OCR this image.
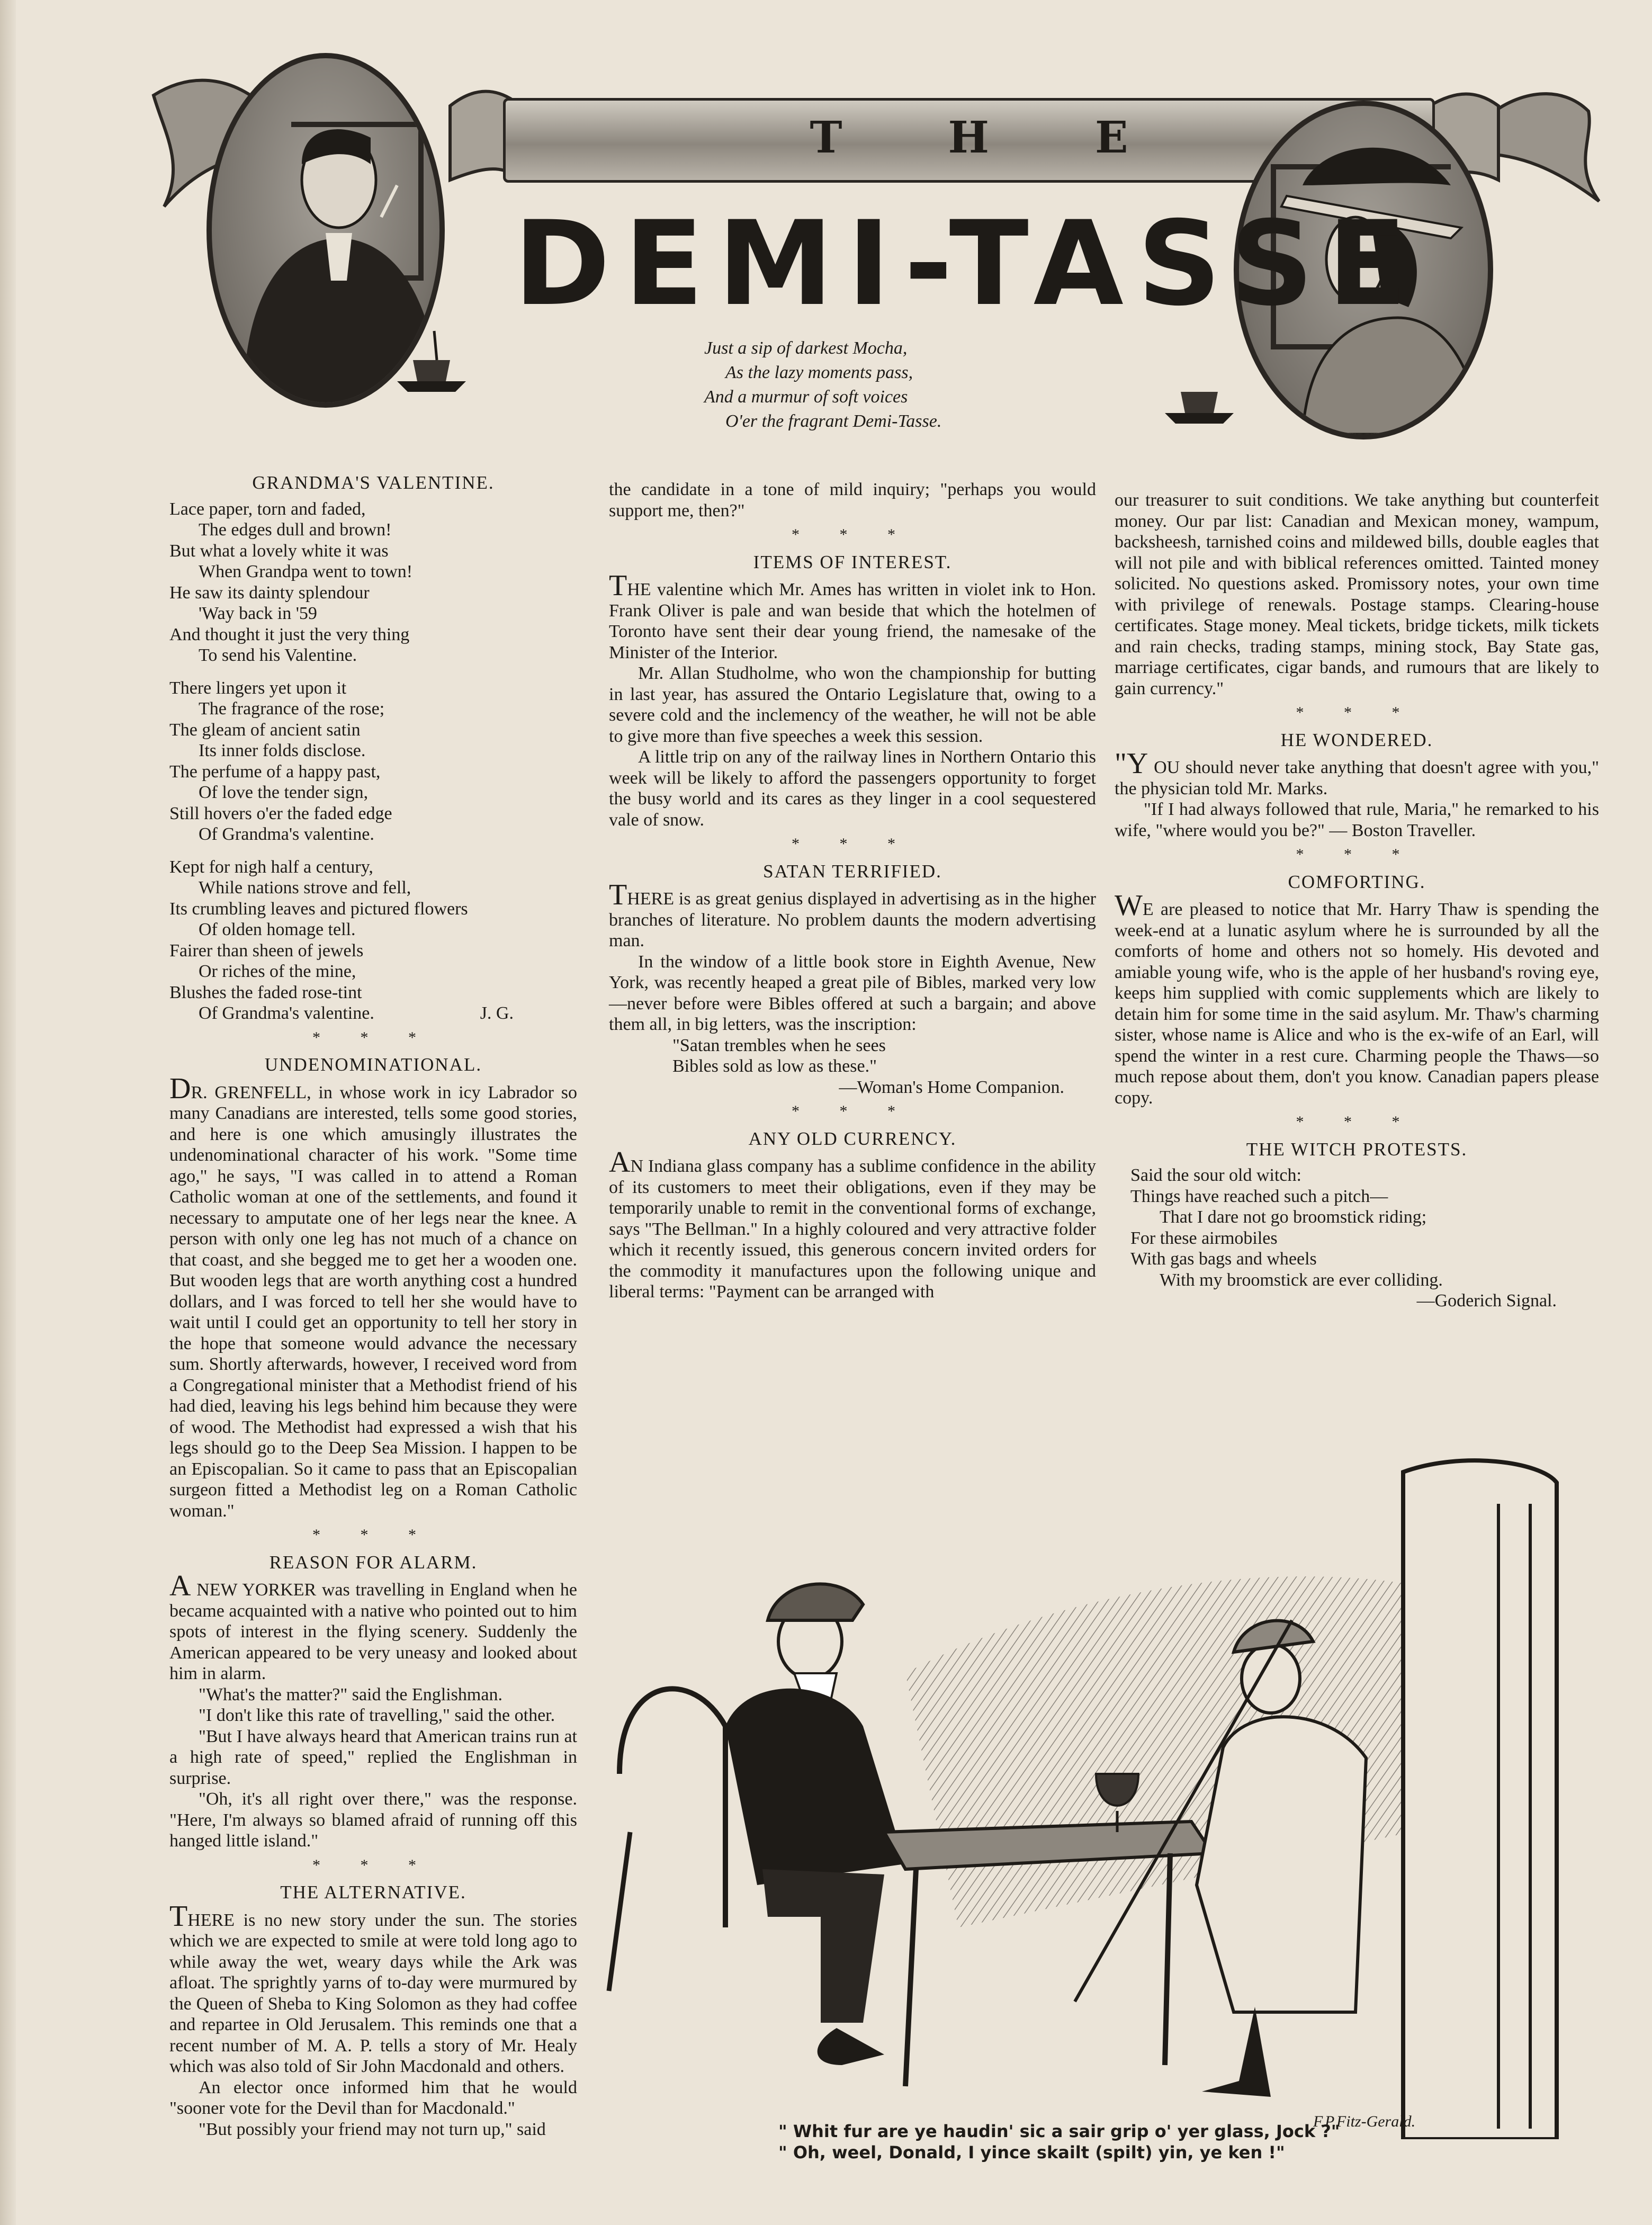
THE
DEMI-TASSE
Just a sip of darkest Mocha,
As the lazy moments pass,
And a murmur of soft voices
O'er the fragrant Demi-Tasse.
GRANDMA'S VALENTINE.
Lace paper, torn and faded,
The edges dull and brown!
But what a lovely white it was
When Grandpa went to town!
He saw its dainty splendour
'Way back in '59
And thought it just the very thing
To send his Valentine.
There lingers yet upon it
The fragrance of the rose;
The gleam of ancient satin
Its inner folds disclose.
The perfume of a happy past,
Of love the tender sign,
Still hovers o'er the faded edge
Of Grandma's valentine.
Kept for nigh half a century,
While nations strove and fell,
Its crumbling leaves and pictured flowers
Of olden homage tell.
Fairer than sheen of jewels
Or riches of the mine,
Blushes the faded rose-tint
Of Grandma's valentine.	J. G.
* * *
UNDENOMINATIONAL.

DR. GRENFELL, in whose work in icy Labrador so many Canadians are interested, tells some good stories, and here is one which amusingly illustrates the undenominational character of his work. "Some time ago," he says, "I was called in to attend a Roman Catholic woman at one of the settlements, and found it necessary to amputate one of her legs near the knee. A person with only one leg has not much of a chance on that coast, and she begged me to get her a wooden one. But wooden legs that are worth anything cost a hundred dollars, and I was forced to tell her she would have to wait until I could get an opportunity to tell her story in the hope that someone would advance the necessary sum. Shortly afterwards, however, I received word from a Congregational minister that a Methodist friend of his had died, leaving his legs behind him because they were of wood. The Methodist had expressed a wish that his legs should go to the Deep Sea Mission. I happen to be an Episcopalian. So it came to pass that an Episcopalian surgeon fitted a Methodist leg on a Roman Catholic woman."

* * *
REASON FOR ALARM.

A NEW YORKER was travelling in England when he became acquainted with a native who pointed out to him spots of interest in the flying scenery. Suddenly the American appeared to be very uneasy and looked about him in alarm.

"What's the matter?" said the Englishman.

"I don't like this rate of travelling," said the other.

"But I have always heard that American trains run at a high rate of speed," replied the Englishman in surprise.

"Oh, it's all right over there," was the response. "Here, I'm always so blamed afraid of running off this hanged little island."

* * *
THE ALTERNATIVE.

THERE is no new story under the sun. The stories which we are expected to smile at were told long ago to while away the wet, weary days while the Ark was afloat. The sprightly yarns of to-day were murmured by the Queen of Sheba to King Solomon as they had coffee and repartee in Old Jerusalem. This reminds one that a recent number of M. A. P. tells a story of Mr. Healy which was also told of Sir John Macdonald and others.

An elector once informed him that he would "sooner vote for the Devil than for Macdonald."

"But possibly your friend may not turn up," said

the candidate in a tone of mild inquiry; "perhaps you would support me, then?"

* * *
ITEMS OF INTEREST.

THE valentine which Mr. Ames has written in violet ink to Hon. Frank Oliver is pale and wan beside that which the hotelmen of Toronto have sent their dear young friend, the namesake of the Minister of the Interior.

Mr. Allan Studholme, who won the championship for butting in last year, has assured the Ontario Legislature that, owing to a severe cold and the inclemency of the weather, he will not be able to give more than five speeches a week this session.

A little trip on any of the railway lines in Northern Ontario this week will be likely to afford the passengers opportunity to forget the busy world and its cares as they linger in a cool sequestered vale of snow.

* * *
SATAN TERRIFIED.

THERE is as great genius displayed in advertising as in the higher branches of literature. No problem daunts the modern advertising man.

In the window of a little book store in Eighth Avenue, New York, was recently heaped a great pile of Bibles, marked very low—never before were Bibles offered at such a bargain; and above them all, in big letters, was the inscription:

"Satan trembles when he sees
Bibles sold as low as these."
—Woman's Home Companion.
* * *
ANY OLD CURRENCY.

AN Indiana glass company has a sublime confidence in the ability of its customers to meet their obligations, even if they may be temporarily unable to remit in the conventional forms of exchange, says "The Bellman." In a highly coloured and very attractive folder which it recently issued, this generous concern invited orders for the commodity it manufactures upon the following unique and liberal terms: "Payment can be arranged with

our treasurer to suit conditions. We take anything but counterfeit money. Our par list: Canadian and Mexican money, wampum, backsheesh, tarnished coins and mildewed bills, double eagles that will not pile and with biblical references omitted. Tainted money solicited. No questions asked. Promissory notes, your own time with privilege of renewals. Postage stamps. Clearing-house certificates. Stage money. Meal tickets, bridge tickets, milk tickets and rain checks, trading stamps, mining stock, Bay State gas, marriage certificates, cigar bands, and rumours that are likely to gain currency."

* * *
HE WONDERED.

"Y OU should never take anything that doesn't agree with you," the physician told Mr. Marks.

"If I had always followed that rule, Maria," he remarked to his wife, "where would you be?" — Boston Traveller.

* * *
COMFORTING.

WE are pleased to notice that Mr. Harry Thaw is spending the week-end at a lunatic asylum where he is surrounded by all the comforts of home and others not so homely. His devoted and amiable young wife, who is the apple of her husband's roving eye, keeps him supplied with comic supplements which are likely to detain him for some time in the said asylum. Mr. Thaw's charming sister, whose name is Alice and who is the ex-wife of an Earl, will spend the winter in a rest cure. Charming people the Thaws—so much repose about them, don't you know. Canadian papers please copy.

* * *
THE WITCH PROTESTS.
Said the sour old witch:
Things have reached such a pitch—
That I dare not go broomstick riding;
For these airmobiles
With gas bags and wheels
With my broomstick are ever colliding.
—Goderich Signal.
F.P.Fitz-Gerald.
" Whit fur are ye haudin' sic a sair grip o' yer glass, Jock ?"
" Oh, weel, Donald, I yince skailt (spilt) yin, ye ken !"
